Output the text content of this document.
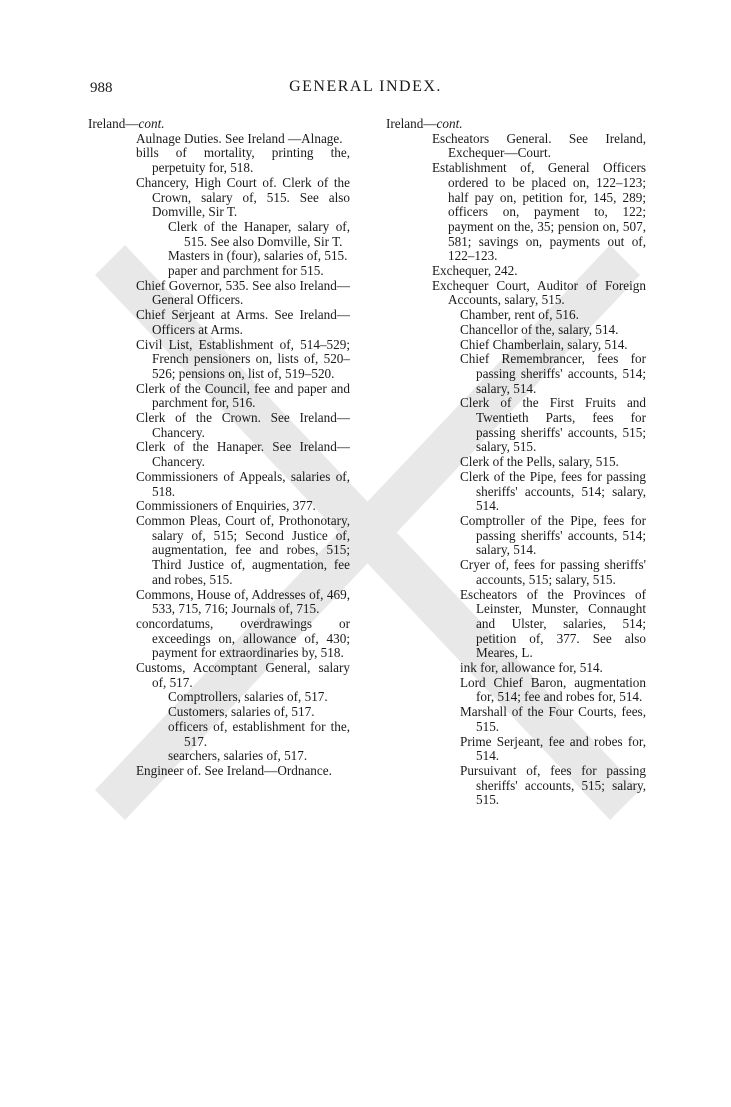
988	GENERAL INDEX.

Ireland—cont.

Aulnage Duties. See Ireland —Alnage.

bills of mortality, printing the, perpetuity for, 518.

Chancery, High Court of. Clerk of the Crown, salary of, 515. See also Domville, Sir T.

Clerk of the Hanaper, salary of, 515. See also Domville, Sir T.

Masters in (four), salaries of, 515.

paper and parchment for 515.

Chief Governor, 535. See also Ireland—General Officers.

Chief Serjeant at Arms. See Ireland—Officers at Arms.

Civil List, Establishment of, 514–529; French pensioners on, lists of, 520–526; pensions on, list of, 519–520.

Clerk of the Council, fee and paper and parchment for, 516.

Clerk of the Crown. See Ireland—Chancery.

Clerk of the Hanaper. See Ireland—Chancery.

Commissioners of Appeals, salaries of, 518.

Commissioners of Enquiries, 377.

Common Pleas, Court of, Prothonotary, salary of, 515; Second Justice of, augmentation, fee and robes, 515; Third Justice of, augmentation, fee and robes, 515.

Commons, House of, Addresses of, 469, 533, 715, 716; Journals of, 715.

concordatums, overdrawings or exceedings on, allowance of, 430; payment for extraordinaries by, 518.

Customs, Accomptant General, salary of, 517.

Comptrollers, salaries of, 517.

Customers, salaries of, 517.

officers of, establishment for the, 517.

searchers, salaries of, 517.

Engineer of. See Ireland—Ordnance.

Ireland—cont.

Escheators General. See Ireland, Exchequer—Court.

Establishment of, General Officers ordered to be placed on, 122–123; half pay on, petition for, 145, 289; officers on, payment to, 122; payment on the, 35; pension on, 507, 581; savings on, payments out of, 122–123.

Exchequer, 242.

Exchequer Court, Auditor of Foreign Accounts, salary, 515.

Chamber, rent of, 516.

Chancellor of the, salary, 514.

Chief Chamberlain, salary, 514.

Chief Remembrancer, fees for passing sheriffs' accounts, 514; salary, 514.

Clerk of the First Fruits and Twentieth Parts, fees for passing sheriffs' accounts, 515; salary, 515.

Clerk of the Pells, salary, 515.

Clerk of the Pipe, fees for passing sheriffs' accounts, 514; salary, 514.

Comptroller of the Pipe, fees for passing sheriffs' accounts, 514; salary, 514.

Cryer of, fees for passing sheriffs' accounts, 515; salary, 515.

Escheators of the Provinces of Leinster, Munster, Connaught and Ulster, salaries, 514; petition of, 377. See also Meares, L.

ink for, allowance for, 514.

Lord Chief Baron, augmentation for, 514; fee and robes for, 514.

Marshall of the Four Courts, fees, 515.

Prime Serjeant, fee and robes for, 514.

Pursuivant of, fees for passing sheriffs' accounts, 515; salary, 515.
